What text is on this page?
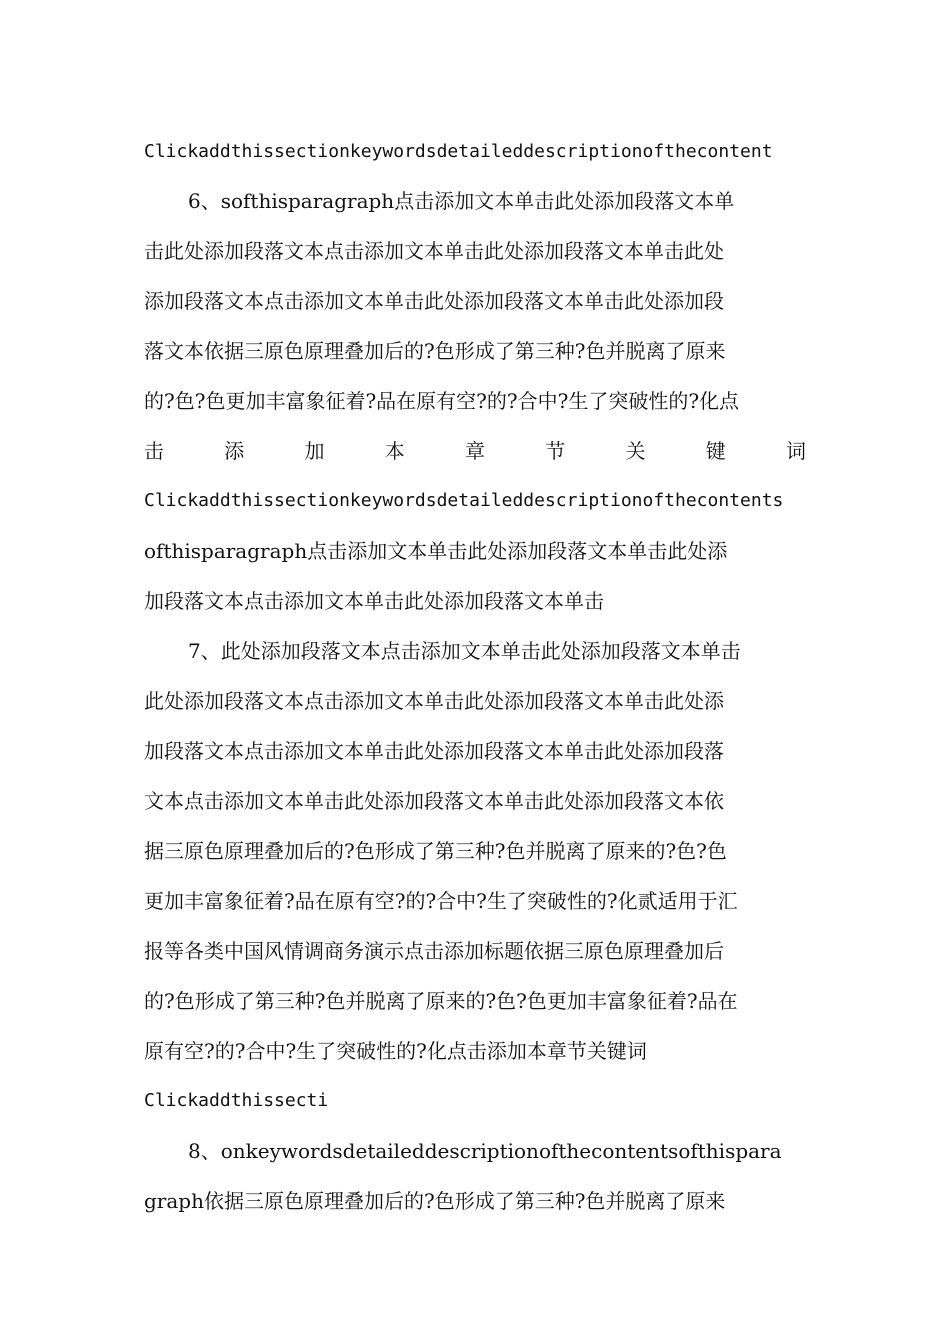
Clickaddthissectionkeywordsdetaileddescriptionofthecontent
6、softhisparagraph点击添加文本单击此处添加段落文本单
击此处添加段落文本点击添加文本单击此处添加段落文本单击此处
添加段落文本点击添加文本单击此处添加段落文本单击此处添加段
落文本依据三原色原理叠加后的?色形成了第三种?色并脱离了原来
的?色?色更加丰富象征着?品在原有空?的?合中?生了突破性的?化点
击	添	加	本	章	节	关	键	词
Clickaddthissectionkeywordsdetaileddescriptionofthecontents
ofthisparagraph点击添加文本单击此处添加段落文本单击此处添
加段落文本点击添加文本单击此处添加段落文本单击
7、此处添加段落文本点击添加文本单击此处添加段落文本单击
此处添加段落文本点击添加文本单击此处添加段落文本单击此处添
加段落文本点击添加文本单击此处添加段落文本单击此处添加段落
文本点击添加文本单击此处添加段落文本单击此处添加段落文本依
据三原色原理叠加后的?色形成了第三种?色并脱离了原来的?色?色
更加丰富象征着?品在原有空?的?合中?生了突破性的?化贰适用于汇
报等各类中国风情调商务演示点击添加标题依据三原色原理叠加后
的?色形成了第三种?色并脱离了原来的?色?色更加丰富象征着?品在
原有空?的?合中?生了突破性的?化点击添加本章节关键词
Clickaddthissecti
8、onkeywordsdetaileddescriptionofthecontentsofthispara
graph依据三原色原理叠加后的?色形成了第三种?色并脱离了原来
